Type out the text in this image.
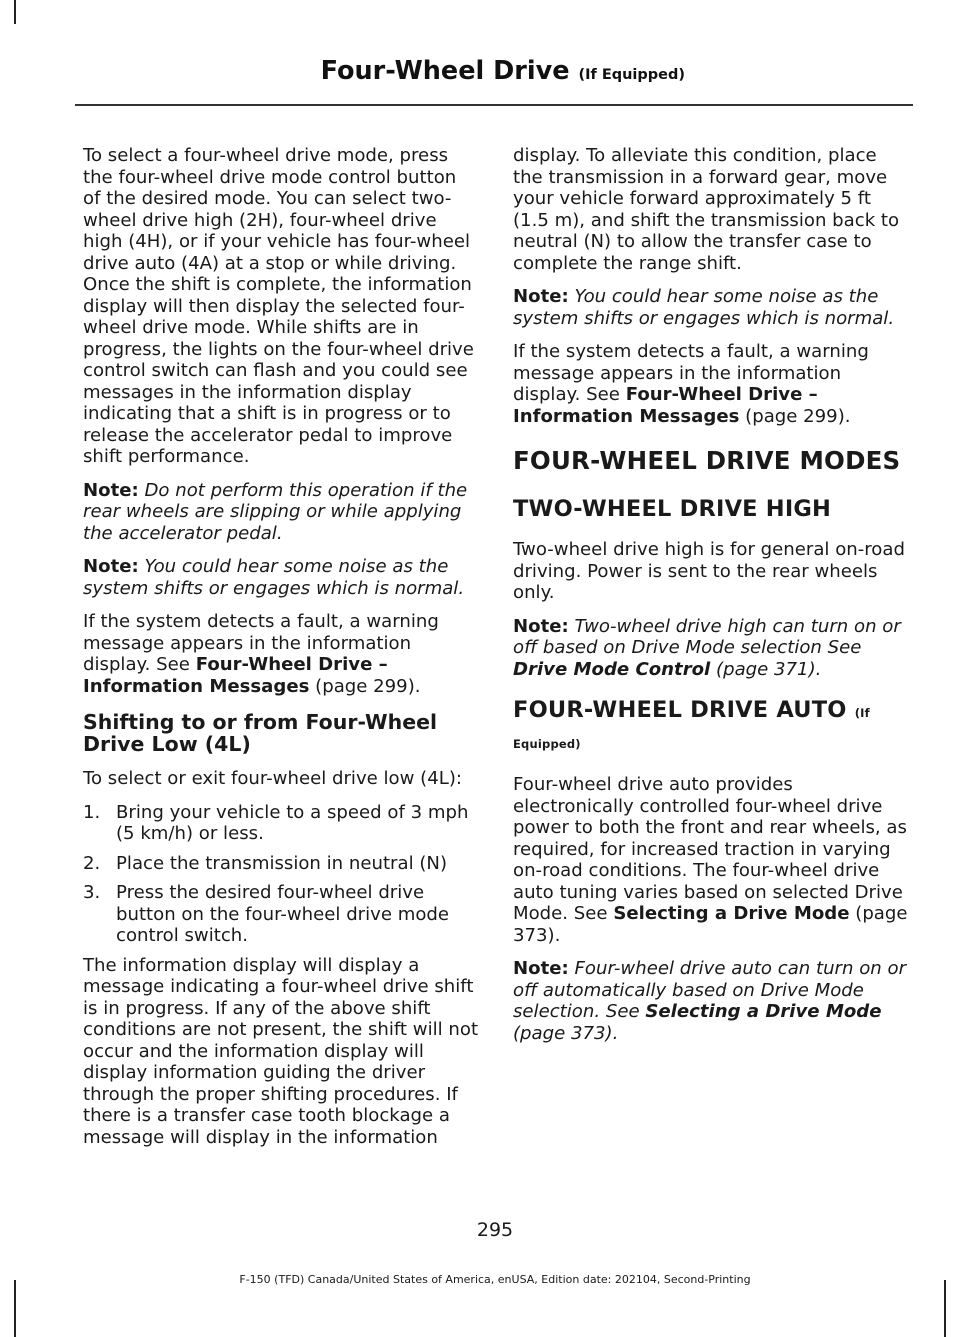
Four-Wheel Drive (If Equipped)

To select a four-wheel drive mode, press the four-wheel drive mode control button of the desired mode. You can select two-wheel drive high (2H), four-wheel drive high (4H), or if your vehicle has four-wheel drive auto (4A) at a stop or while driving. Once the shift is complete, the information display will then display the selected four-wheel drive mode. While shifts are in progress, the lights on the four-wheel drive control switch can flash and you could see messages in the information display indicating that a shift is in progress or to release the accelerator pedal to improve shift performance.

Note: Do not perform this operation if the rear wheels are slipping or while applying the accelerator pedal.

Note: You could hear some noise as the system shifts or engages which is normal.

If the system detects a fault, a warning message appears in the information display. See Four-Wheel Drive – Information Messages (page 299).

Shifting to or from Four-Wheel Drive Low (4L)

To select or exit four-wheel drive low (4L):

1. Bring your vehicle to a speed of 3 mph (5 km/h) or less.
2. Place the transmission in neutral (N)
3. Press the desired four-wheel drive button on the four-wheel drive mode control switch.

The information display will display a message indicating a four-wheel drive shift is in progress. If any of the above shift conditions are not present, the shift will not occur and the information display will display information guiding the driver through the proper shifting procedures. If there is a transfer case tooth blockage a message will display in the information

display. To alleviate this condition, place the transmission in a forward gear, move your vehicle forward approximately 5 ft (1.5 m), and shift the transmission back to neutral (N) to allow the transfer case to complete the range shift.

Note: You could hear some noise as the system shifts or engages which is normal.

If the system detects a fault, a warning message appears in the information display. See Four-Wheel Drive – Information Messages (page 299).

FOUR-WHEEL DRIVE MODES
TWO-WHEEL DRIVE HIGH

Two-wheel drive high is for general on-road driving. Power is sent to the rear wheels only.

Note: Two-wheel drive high can turn on or off based on Drive Mode selection See Drive Mode Control (page 371).

FOUR-WHEEL DRIVE AUTO (If Equipped)

Four-wheel drive auto provides electronically controlled four-wheel drive power to both the front and rear wheels, as required, for increased traction in varying on-road conditions. The four-wheel drive auto tuning varies based on selected Drive Mode. See Selecting a Drive Mode (page 373).

Note: Four-wheel drive auto can turn on or off automatically based on Drive Mode selection. See Selecting a Drive Mode (page 373).

295
F-150 (TFD) Canada/United States of America, enUSA, Edition date: 202104, Second-Printing
